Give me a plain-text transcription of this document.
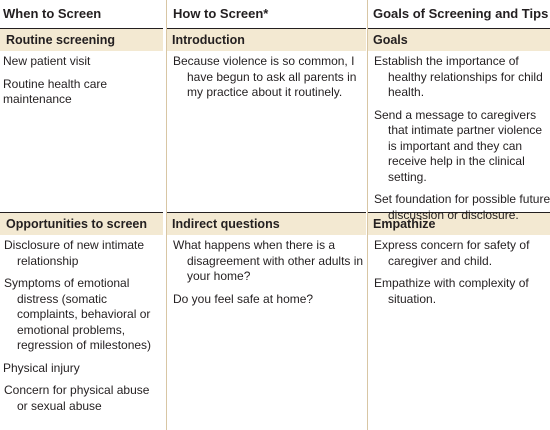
When to Screen
Routine screening
New patient visit
Routine health care maintenance
Opportunities to screen
Disclosure of new intimate relationship
Symptoms of emotional distress (somatic complaints, behavioral or emotional problems, regression of milestones)
Physical injury
Concern for physical abuse or sexual abuse
How to Screen*
Introduction
Because violence is so common, I have begun to ask all parents in my practice about it routinely.
Indirect questions
What happens when there is a disagreement with other adults in your home?
Do you feel safe at home?
Goals of Screening and Tips
Goals
Establish the importance of healthy relationships for child health.
Send a message to caregivers that intimate partner violence is important and they can receive help in the clinical setting.
Set foundation for possible future discussion or disclosure.
Empathize
Express concern for safety of caregiver and child.
Empathize with complexity of situation.
